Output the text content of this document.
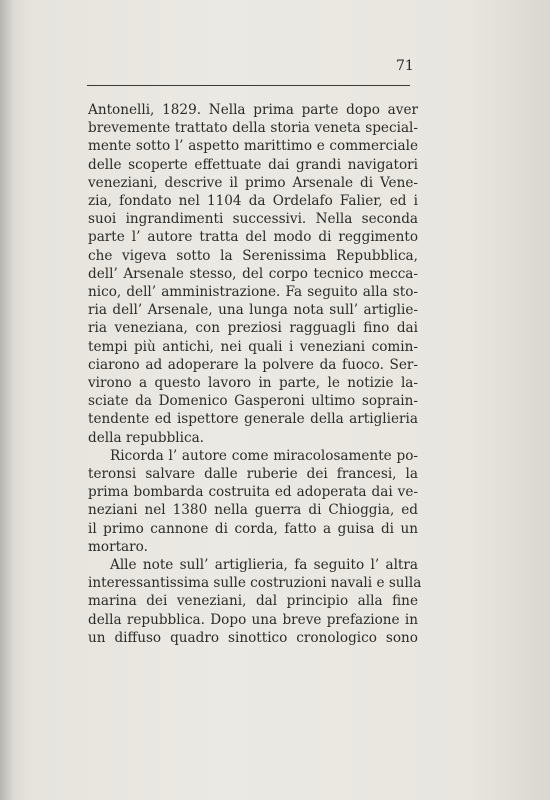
71
Antonelli, 1829. Nella prima parte dopo aver
brevemente trattato della storia veneta special-
mente sotto l’ aspetto marittimo e commerciale
delle scoperte effettuate dai grandi navigatori
veneziani, descrive il primo Arsenale di Vene-
zia, fondato nel 1104 da Ordelafo Falier, ed i
suoi ingrandimenti successivi. Nella seconda
parte l’ autore tratta del modo di reggimento
che vigeva sotto la Serenissima Repubblica,
dell’ Arsenale stesso, del corpo tecnico mecca-
nico, dell’ amministrazione. Fa seguito alla sto-
ria dell’ Arsenale, una lunga nota sull’ artiglie-
ria veneziana, con preziosi ragguagli fino dai
tempi più antichi, nei quali i veneziani comin-
ciarono ad adoperare la polvere da fuoco. Ser-
virono a questo lavoro in parte, le notizie la-
sciate da Domenico Gasperoni ultimo soprain-
tendente ed ispettore generale della artiglieria
della repubblica.
Ricorda l’ autore come miracolosamente po-
teronsi salvare dalle ruberie dei francesi, la
prima bombarda costruita ed adoperata dai ve-
neziani nel 1380 nella guerra di Chioggia, ed
il primo cannone di corda, fatto a guisa di un
mortaro.
Alle note sull’ artiglieria, fa seguito l’ altra
interessantissima sulle costruzioni navali e sulla
marina dei veneziani, dal principio alla fine
della repubblica. Dopo una breve prefazione in
un diffuso quadro sinottico cronologico sono
